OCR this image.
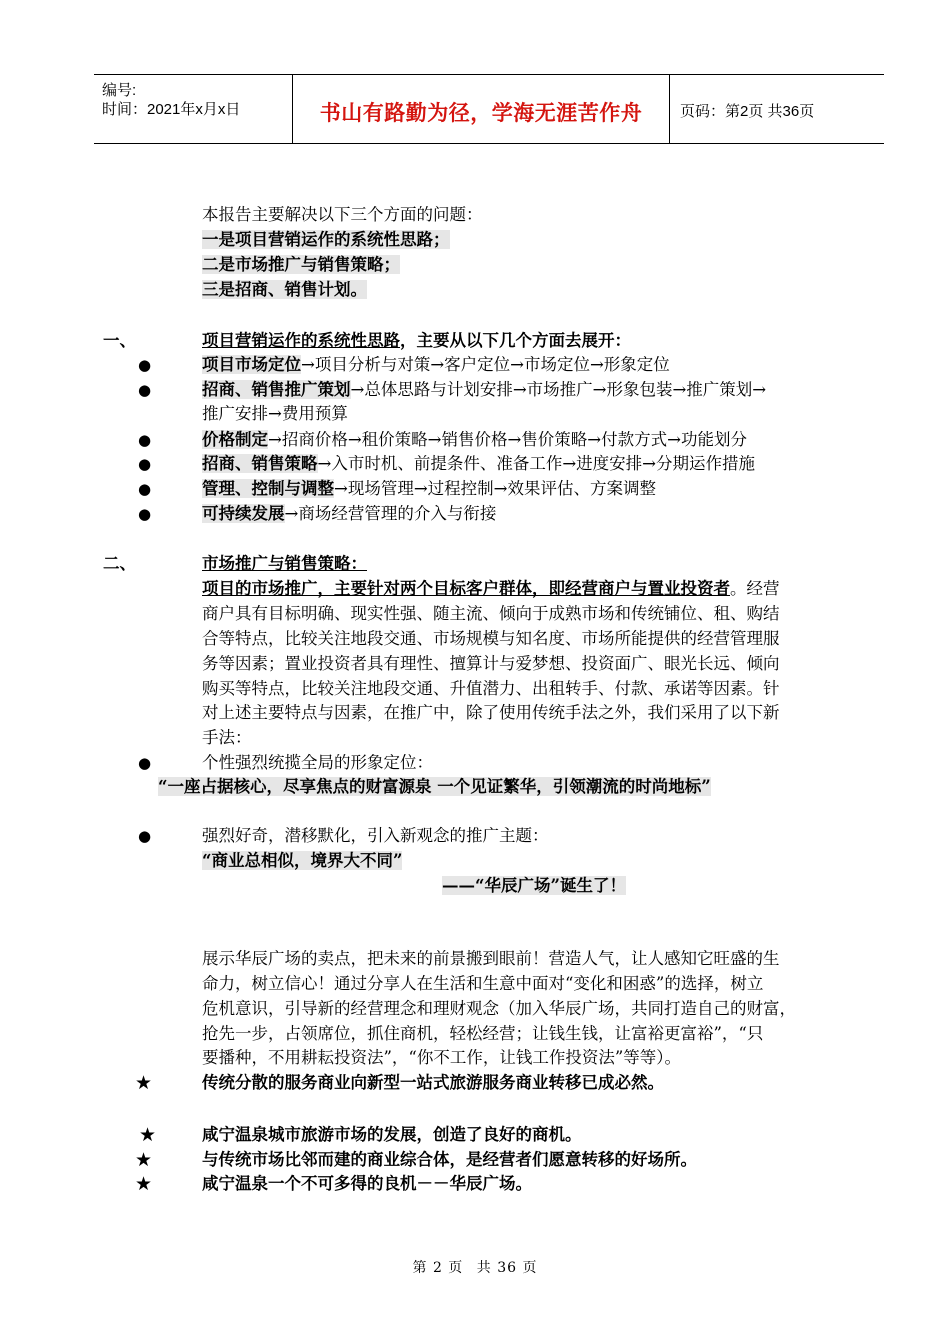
编号:
时间：2021年x月x日	书山有路勤为径，学海无涯苦作舟	页码：第2页 共36页
本报告主要解决以下三个方面的问题：
一是项目营销运作的系统性思路；
二是市场推广与销售策略；
三是招商、销售计划。
一、	项目营销运作的系统性思路，主要从以下几个方面去展开：
●	项目市场定位→项目分析与对策→客户定位→市场定位→形象定位
●	招商、销售推广策划→总体思路与计划安排→市场推广→形象包装→推广策划→
推广安排→费用预算
●	价格制定→招商价格→租价策略→销售价格→售价策略→付款方式→功能划分
●	招商、销售策略→入市时机、前提条件、准备工作→进度安排→分期运作措施
●	管理、控制与调整→现场管理→过程控制→效果评估、方案调整
●	可持续发展→商场经营管理的介入与衔接
二、	市场推广与销售策略：
项目的市场推广，主要针对两个目标客户群体，即经营商户与置业投资者。经营
商户具有目标明确、现实性强、随主流、倾向于成熟市场和传统铺位、租、购结
合等特点，比较关注地段交通、市场规模与知名度、市场所能提供的经营管理服
务等因素；置业投资者具有理性、擅算计与爱梦想、投资面广、眼光长远、倾向
购买等特点，比较关注地段交通、升值潜力、出租转手、付款、承诺等因素。针
对上述主要特点与因素，在推广中，除了使用传统手法之外，我们采用了以下新
手法：
●	个性强烈统揽全局的形象定位：
“一座占据核心，尽享焦点的财富源泉 一个见证繁华，引领潮流的时尚地标”
●	强烈好奇，潜移默化，引入新观念的推广主题：
“商业总相似，境界大不同”
——“华辰广场”诞生了！
展示华辰广场的卖点，把未来的前景搬到眼前！营造人气，让人感知它旺盛的生
命力，树立信心！通过分享人在生活和生意中面对“变化和困惑”的选择，树立
危机意识，引导新的经营理念和理财观念（加入华辰广场，共同打造自己的财富，
抢先一步，占领席位，抓住商机，轻松经营；让钱生钱，让富裕更富裕”，“只
要播种，不用耕耘投资法”，“你不工作，让钱工作投资法”等等）。
★	传统分散的服务商业向新型一站式旅游服务商业转移已成必然。
★	咸宁温泉城市旅游市场的发展，创造了良好的商机。
★	与传统市场比邻而建的商业综合体，是经营者们愿意转移的好场所。
★	咸宁温泉一个不可多得的良机－－华辰广场。
第 2 页 共 36 页
